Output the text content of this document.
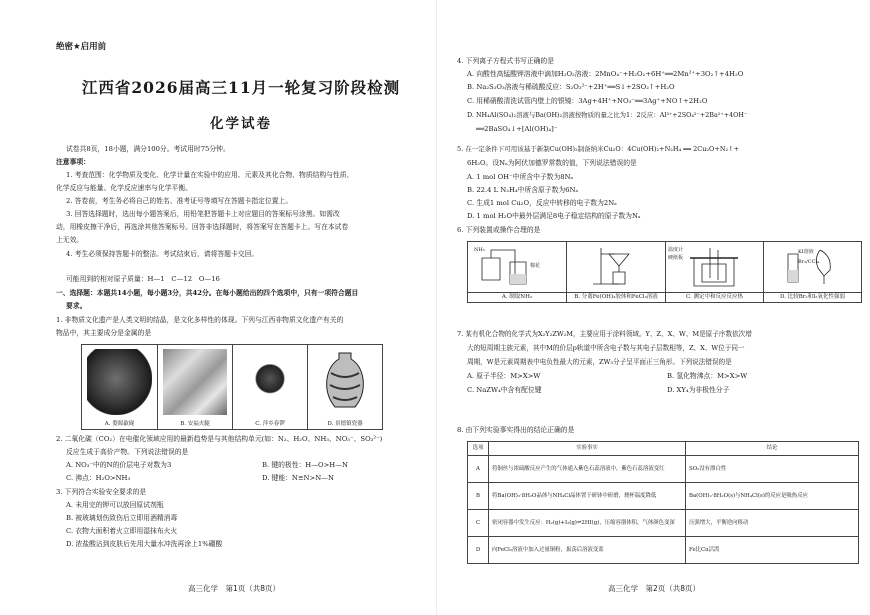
绝密★启用前
江西省2026届高三11月一轮复习阶段检测
化学试卷
试卷共8页，18小题，满分100分。考试用时75分钟。
注意事项：
1. 考查范围：化学物质及变化、化学计量在实验中的应用、元素及其化合物、物质结构与性质、
化学反应与能量、化学反应速率与化学平衡。
2. 答卷前，考生务必将自己的姓名、准考证号等填写在答题卡指定位置上。
3. 回答选择题时，选出每小题答案后，用铅笔把答题卡上对应题目的答案标号涂黑。如需改
动，用橡皮擦干净后，再选涂其他答案标号。回答非选择题时，将答案写在答题卡上。写在本试卷
上无效。
4. 考生必须保持答题卡的整洁。考试结束后，请将答题卡交回。
可能用到的相对原子质量：H—1　C—12　O—16
一、选择题：本题共14小题，每小题3分，共42分。在每小题给出的四个选项中，只有一项符合题目
要求。
1. 非物质文化遗产是人类文明的结晶，是文化多样性的体现。下列与江西非物质文化遗产有关的
物品中，其主要成分是金属的是
A. 婺源歙砚	B. 安福火腿	C. 萍乡春锣	D. 景德镇瓷器
2. 二氧化碳（CO₂）在电催化领域应用的最新趋势是与其他结构单元(如：N₂、H₂O、NH₃、NO₃⁻、SO₃²⁻)
反应生成于高价产物。下列说法错误的是
A. NO₃⁻中的N的价层电子对数为3	B. 键的极性：H—O>H—N
C. 沸点：H₂O>NH₃	D. 键能：N≡N>N—N
3. 下列符合实验安全要求的是
A. 未用完的钾可以放回原试剂瓶
B. 被玻璃划伤致伤后立即用酒精消毒
C. 衣物大面积着火立即用湿抹布火火
D. 浓盐酸沾到皮肤后先用大量水冲洗再涂上1%硼酸
高三化学　第1页（共8页）
4. 下列离子方程式书写正确的是
A. 向酸性高锰酸钾溶液中滴加H₂O₂溶液：2MnO₄⁻+H₂O₂+6H⁺══2Mn²⁺+3O₂↑+4H₂O
B. Na₂S₂O₃溶液与稀硫酸反应：S₂O₃²⁻+2H⁺══S↓+2SO₂↑+H₂O
C. 用稀硝酸清洗试管内壁上的银镜：3Ag+4H⁺+NO₃⁻══3Ag⁺+NO↑+2H₂O
D. NH₄Al(SO₄)₂溶液与Ba(OH)₂溶液按物质的量之比为1：2反应：Al³⁺+2SO₄²⁻+2Ba²⁺+4OH⁻
══2BaSO₄↓+[Al(OH)₄]⁻
5. 在一定条件下可用该基于新制Cu(OH)₂制备纳米Cu₂O：4Cu(OH)₂+N₂H₄ ══ 2Cu₂O+N₂↑+
6H₂O。设Nₐ为阿伏加德罗常数的值，下列说法错误的是
A. 1 mol OH⁻中所含中子数为8Nₐ
B. 22.4 L N₂H₄中所含原子数为6Nₐ
C. 生成1 mol Cu₂O，反应中转移的电子数为2Nₐ
D. 1 mol H₂O中最外层满足8电子稳定结构的原子数为Nₐ
6. 下列装置或操作合理的是
NH₃
棉花
A. 制取NH₃	B. 分离Fe(OH)₃胶体和FeCl₃溶液
温度计
硬纸板
C. 测定中和反应反应热
KI溶液
Br₂/CCl₄
D. 比较Br₂和I₂氧化性强弱
7. 某有机化合物的化学式为X₂Y₂ZW₂M，主要应用于涂料领域。Y、Z、X、W、M是原子序数依次增
大的短周期主族元素，其中M的价层p轨道中所含电子数与其电子层数相等，Z、X、W位于同一
周期，W是元素周期表中电负性最大的元素，ZW₃分子呈平面正三角形。下列说法错误的是
A. 原子半径：M>X>W	B. 氢化物沸点：M>X>W
C. NaZW₄中含有配位键	D. XY₄为非极性分子
8. 由下列实验事实得出的结论正确的是
选项	实验事实	结论
A	将铜丝与浓硫酸反应产生的气体通入紫色石蕊溶液中，紫色石蕊溶液变红	SO₂没有漂白性
B	将Ba(OH)₂·8H₂O晶体与NH₄Cl晶体置于研钵中研磨，烧杯温度降低	Ba(OH)₂·8H₂O(s)与NH₄Cl(s)的反应是吸热反应
C	密闭容器中发生反应：H₂(g)+I₂(g)⇌2HI(g)，压缩容器体积，气体颜色变深	压强增大，平衡逆向移动
D	向FeCl₃溶液中加入过量铜粉，振荡后溶液变蓝	Fe比Cu活泼
高三化学　第2页（共8页）
